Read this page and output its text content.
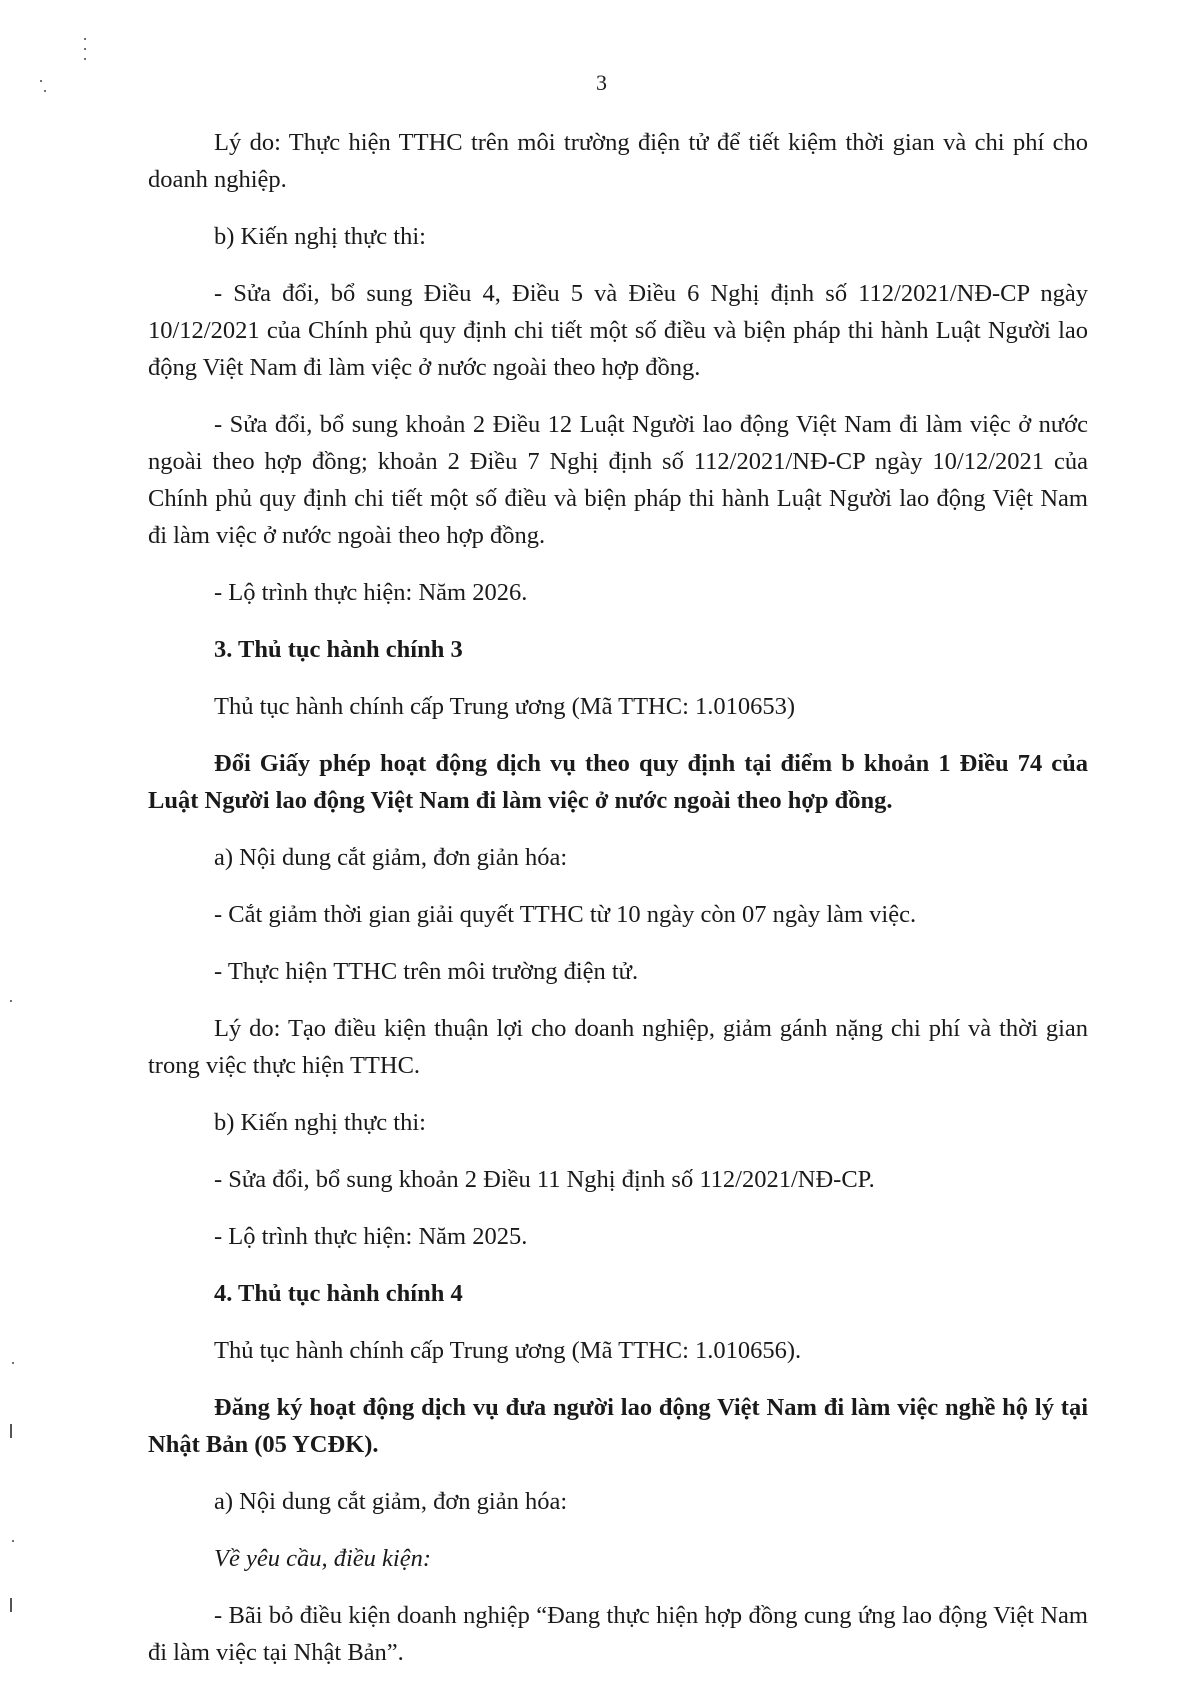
3

Lý do: Thực hiện TTHC trên môi trường điện tử để tiết kiệm thời gian và chi phí cho doanh nghiệp.

b) Kiến nghị thực thi:

- Sửa đổi, bổ sung Điều 4, Điều 5 và Điều 6 Nghị định số 112/2021/NĐ-CP ngày 10/12/2021 của Chính phủ quy định chi tiết một số điều và biện pháp thi hành Luật Người lao động Việt Nam đi làm việc ở nước ngoài theo hợp đồng.

- Sửa đổi, bổ sung khoản 2 Điều 12 Luật Người lao động Việt Nam đi làm việc ở nước ngoài theo hợp đồng; khoản 2 Điều 7 Nghị định số 112/2021/NĐ-CP ngày 10/12/2021 của Chính phủ quy định chi tiết một số điều và biện pháp thi hành Luật Người lao động Việt Nam đi làm việc ở nước ngoài theo hợp đồng.

- Lộ trình thực hiện: Năm 2026.

3. Thủ tục hành chính 3

Thủ tục hành chính cấp Trung ương (Mã TTHC: 1.010653)

Đổi Giấy phép hoạt động dịch vụ theo quy định tại điểm b khoản 1 Điều 74 của Luật Người lao động Việt Nam đi làm việc ở nước ngoài theo hợp đồng.

a) Nội dung cắt giảm, đơn giản hóa:

- Cắt giảm thời gian giải quyết TTHC từ 10 ngày còn 07 ngày làm việc.

- Thực hiện TTHC trên môi trường điện tử.

Lý do: Tạo điều kiện thuận lợi cho doanh nghiệp, giảm gánh nặng chi phí và thời gian trong việc thực hiện TTHC.

b) Kiến nghị thực thi:

- Sửa đổi, bổ sung khoản 2 Điều 11 Nghị định số 112/2021/NĐ-CP.

- Lộ trình thực hiện: Năm 2025.

4. Thủ tục hành chính 4

Thủ tục hành chính cấp Trung ương (Mã TTHC: 1.010656).

Đăng ký hoạt động dịch vụ đưa người lao động Việt Nam đi làm việc nghề hộ lý tại Nhật Bản (05 YCĐK).

a) Nội dung cắt giảm, đơn giản hóa:

Về yêu cầu, điều kiện:

- Bãi bỏ điều kiện doanh nghiệp “Đang thực hiện hợp đồng cung ứng lao động Việt Nam đi làm việc tại Nhật Bản”.
